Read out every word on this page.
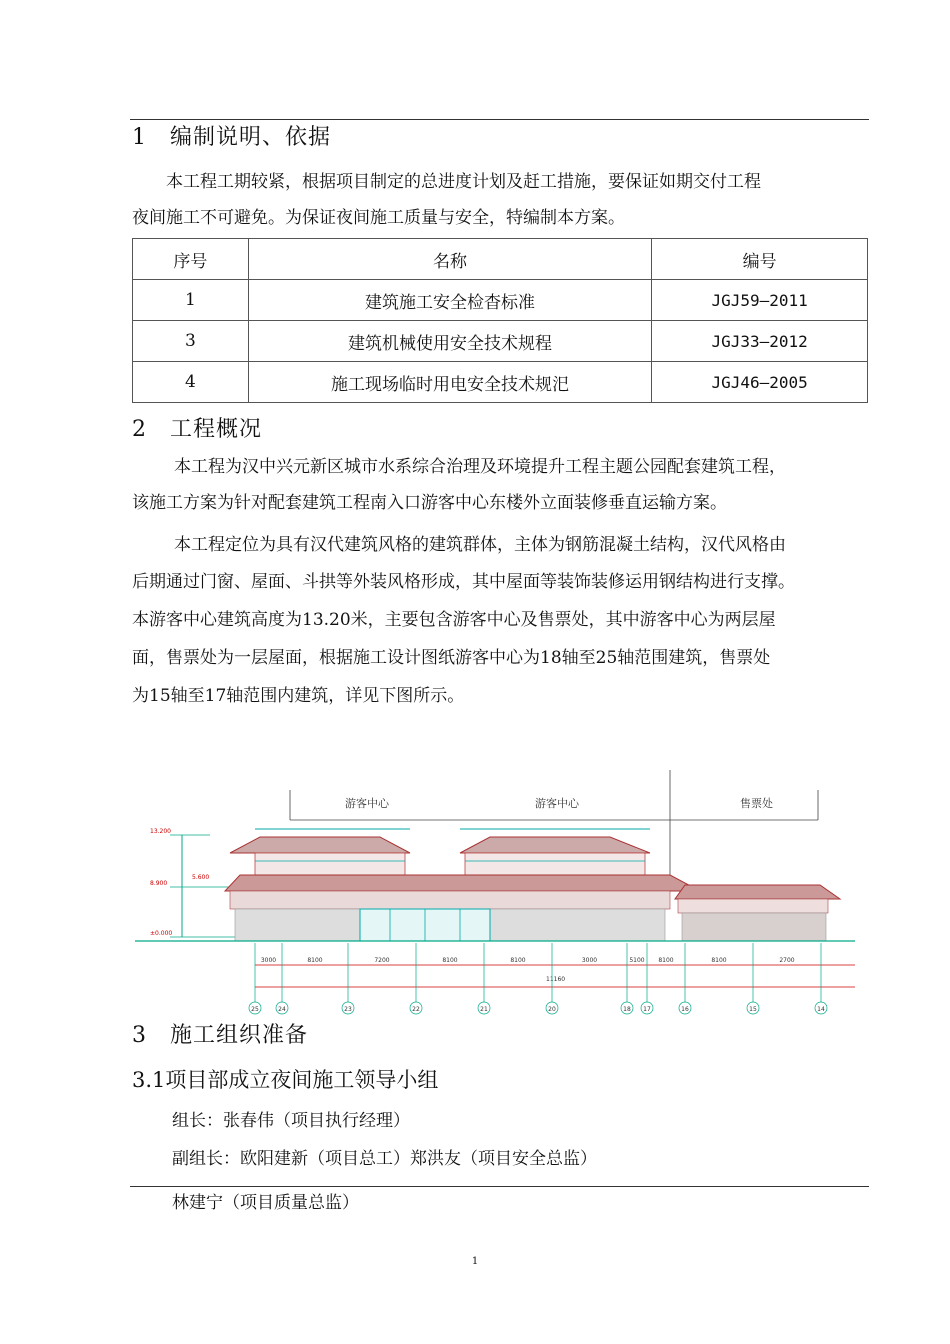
1 编制说明、依据
本工程工期较紧，根据项目制定的总进度计划及赶工措施，要保证如期交付工程
夜间施工不可避免。为保证夜间施工质量与安全，特编制本方案。
序号	名称	编号
1	建筑施工安全检杳标准	JGJ59—2011
3	建筑机械使用安全技术规程	JGJ33—2012
4	施工现场临时用电安全技术规汜	JGJ46—2005
2 工程概况
本工程为汉中兴元新区城市水系综合治理及环境提升工程主题公园配套建筑工程，
该施工方案为针对配套建筑工程南入口游客中心东楼外立面装修垂直运输方案。
本工程定位为具有汉代建筑风格的建筑群体，主体为钢筋混凝土结构，汉代风格由
后期通过门窗、屋面、斗拱等外装风格形成，其中屋面等装饰装修运用钢结构进行支撑。
本游客中心建筑高度为13.20米，主要包含游客中心及售票处，其中游客中心为两层屋
面，售票处为一层屋面，根据施工设计图纸游客中心为18轴至25轴范围建筑，售票处
为15轴至17轴范围内建筑，详见下图所示。
游客中心	游客中心	售票处
13.200
8.900
5.600
±0.000
11160
3000	8100	7200	8100	8100	3000	5100 8100	8100	2700
25	24	23	22	21	20	18 17	16	15	14
3 施工组织准备
3.1项目部成立夜间施工领导小组
组长：张春伟（项目执行经理）
副组长：欧阳建新（项目总工）郑洪友（项目安全总监）
林建宁（项目质量总监）
1
